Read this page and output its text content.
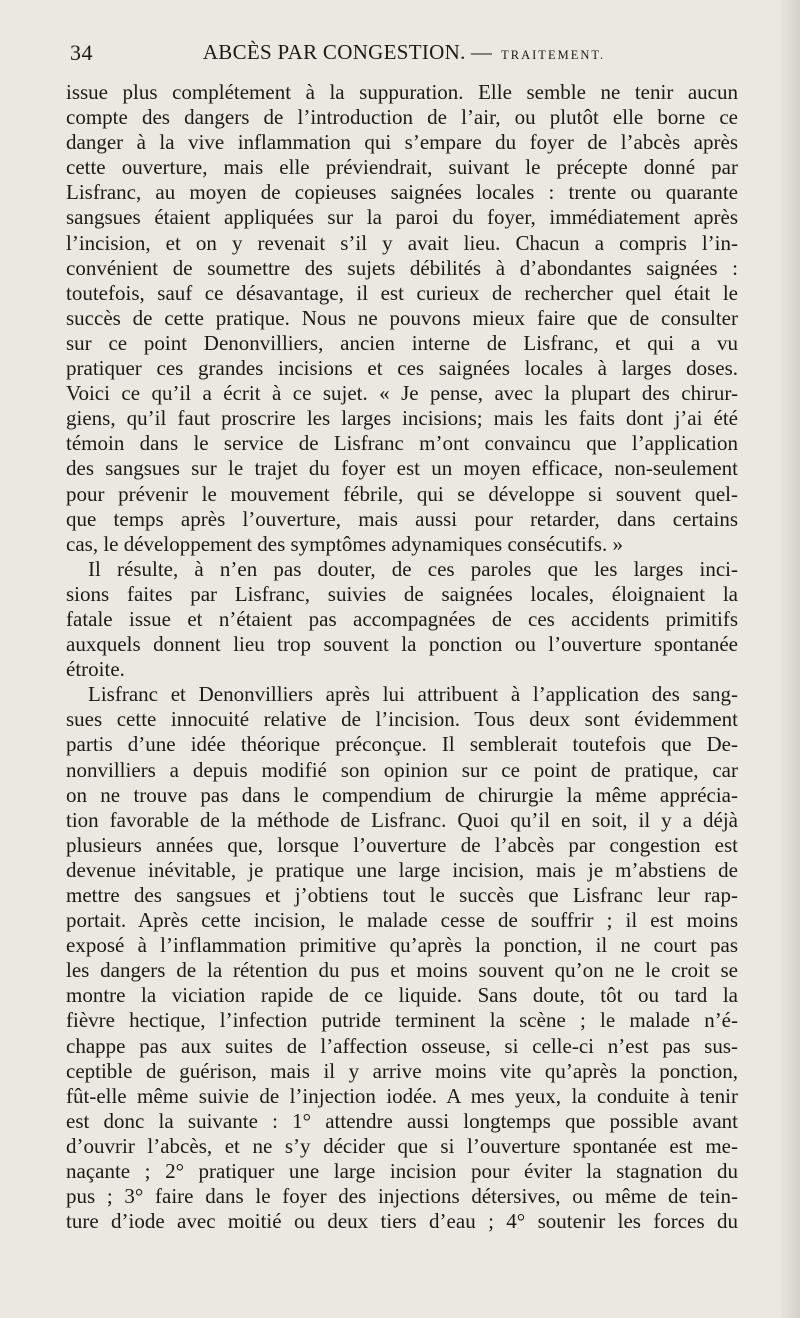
34	ABCÈS PAR CONGESTION. — TRAITEMENT.
issue plus complétement à la suppuration. Elle semble ne tenir aucun
compte des dangers de l’introduction de l’air, ou plutôt elle borne ce
danger à la vive inflammation qui s’empare du foyer de l’abcès après
cette ouverture, mais elle préviendrait, suivant le précepte donné par
Lisfranc, au moyen de copieuses saignées locales : trente ou quarante
sangsues étaient appliquées sur la paroi du foyer, immédiatement après
l’incision, et on y revenait s’il y avait lieu. Chacun a compris l’in-
convénient de soumettre des sujets débilités à d’abondantes saignées :
toutefois, sauf ce désavantage, il est curieux de rechercher quel était le
succès de cette pratique. Nous ne pouvons mieux faire que de consulter
sur ce point Denonvilliers, ancien interne de Lisfranc, et qui a vu
pratiquer ces grandes incisions et ces saignées locales à larges doses.
Voici ce qu’il a écrit à ce sujet. « Je pense, avec la plupart des chirur-
giens, qu’il faut proscrire les larges incisions; mais les faits dont j’ai été
témoin dans le service de Lisfranc m’ont convaincu que l’application
des sangsues sur le trajet du foyer est un moyen efficace, non-seulement
pour prévenir le mouvement fébrile, qui se développe si souvent quel-
que temps après l’ouverture, mais aussi pour retarder, dans certains
cas, le développement des symptômes adynamiques consécutifs. »
Il résulte, à n’en pas douter, de ces paroles que les larges inci-
sions faites par Lisfranc, suivies de saignées locales, éloignaient la
fatale issue et n’étaient pas accompagnées de ces accidents primitifs
auxquels donnent lieu trop souvent la ponction ou l’ouverture spontanée
étroite.
Lisfranc et Denonvilliers après lui attribuent à l’application des sang-
sues cette innocuité relative de l’incision. Tous deux sont évidemment
partis d’une idée théorique préconçue. Il semblerait toutefois que De-
nonvilliers a depuis modifié son opinion sur ce point de pratique, car
on ne trouve pas dans le compendium de chirurgie la même apprécia-
tion favorable de la méthode de Lisfranc. Quoi qu’il en soit, il y a déjà
plusieurs années que, lorsque l’ouverture de l’abcès par congestion est
devenue inévitable, je pratique une large incision, mais je m’abstiens de
mettre des sangsues et j’obtiens tout le succès que Lisfranc leur rap-
portait. Après cette incision, le malade cesse de souffrir ; il est moins
exposé à l’inflammation primitive qu’après la ponction, il ne court pas
les dangers de la rétention du pus et moins souvent qu’on ne le croit se
montre la viciation rapide de ce liquide. Sans doute, tôt ou tard la
fièvre hectique, l’infection putride terminent la scène ; le malade n’é-
chappe pas aux suites de l’affection osseuse, si celle-ci n’est pas sus-
ceptible de guérison, mais il y arrive moins vite qu’après la ponction,
fût-elle même suivie de l’injection iodée. A mes yeux, la conduite à tenir
est donc la suivante : 1° attendre aussi longtemps que possible avant
d’ouvrir l’abcès, et ne s’y décider que si l’ouverture spontanée est me-
naçante ; 2° pratiquer une large incision pour éviter la stagnation du
pus ; 3° faire dans le foyer des injections détersives, ou même de tein-
ture d’iode avec moitié ou deux tiers d’eau ; 4° soutenir les forces du
